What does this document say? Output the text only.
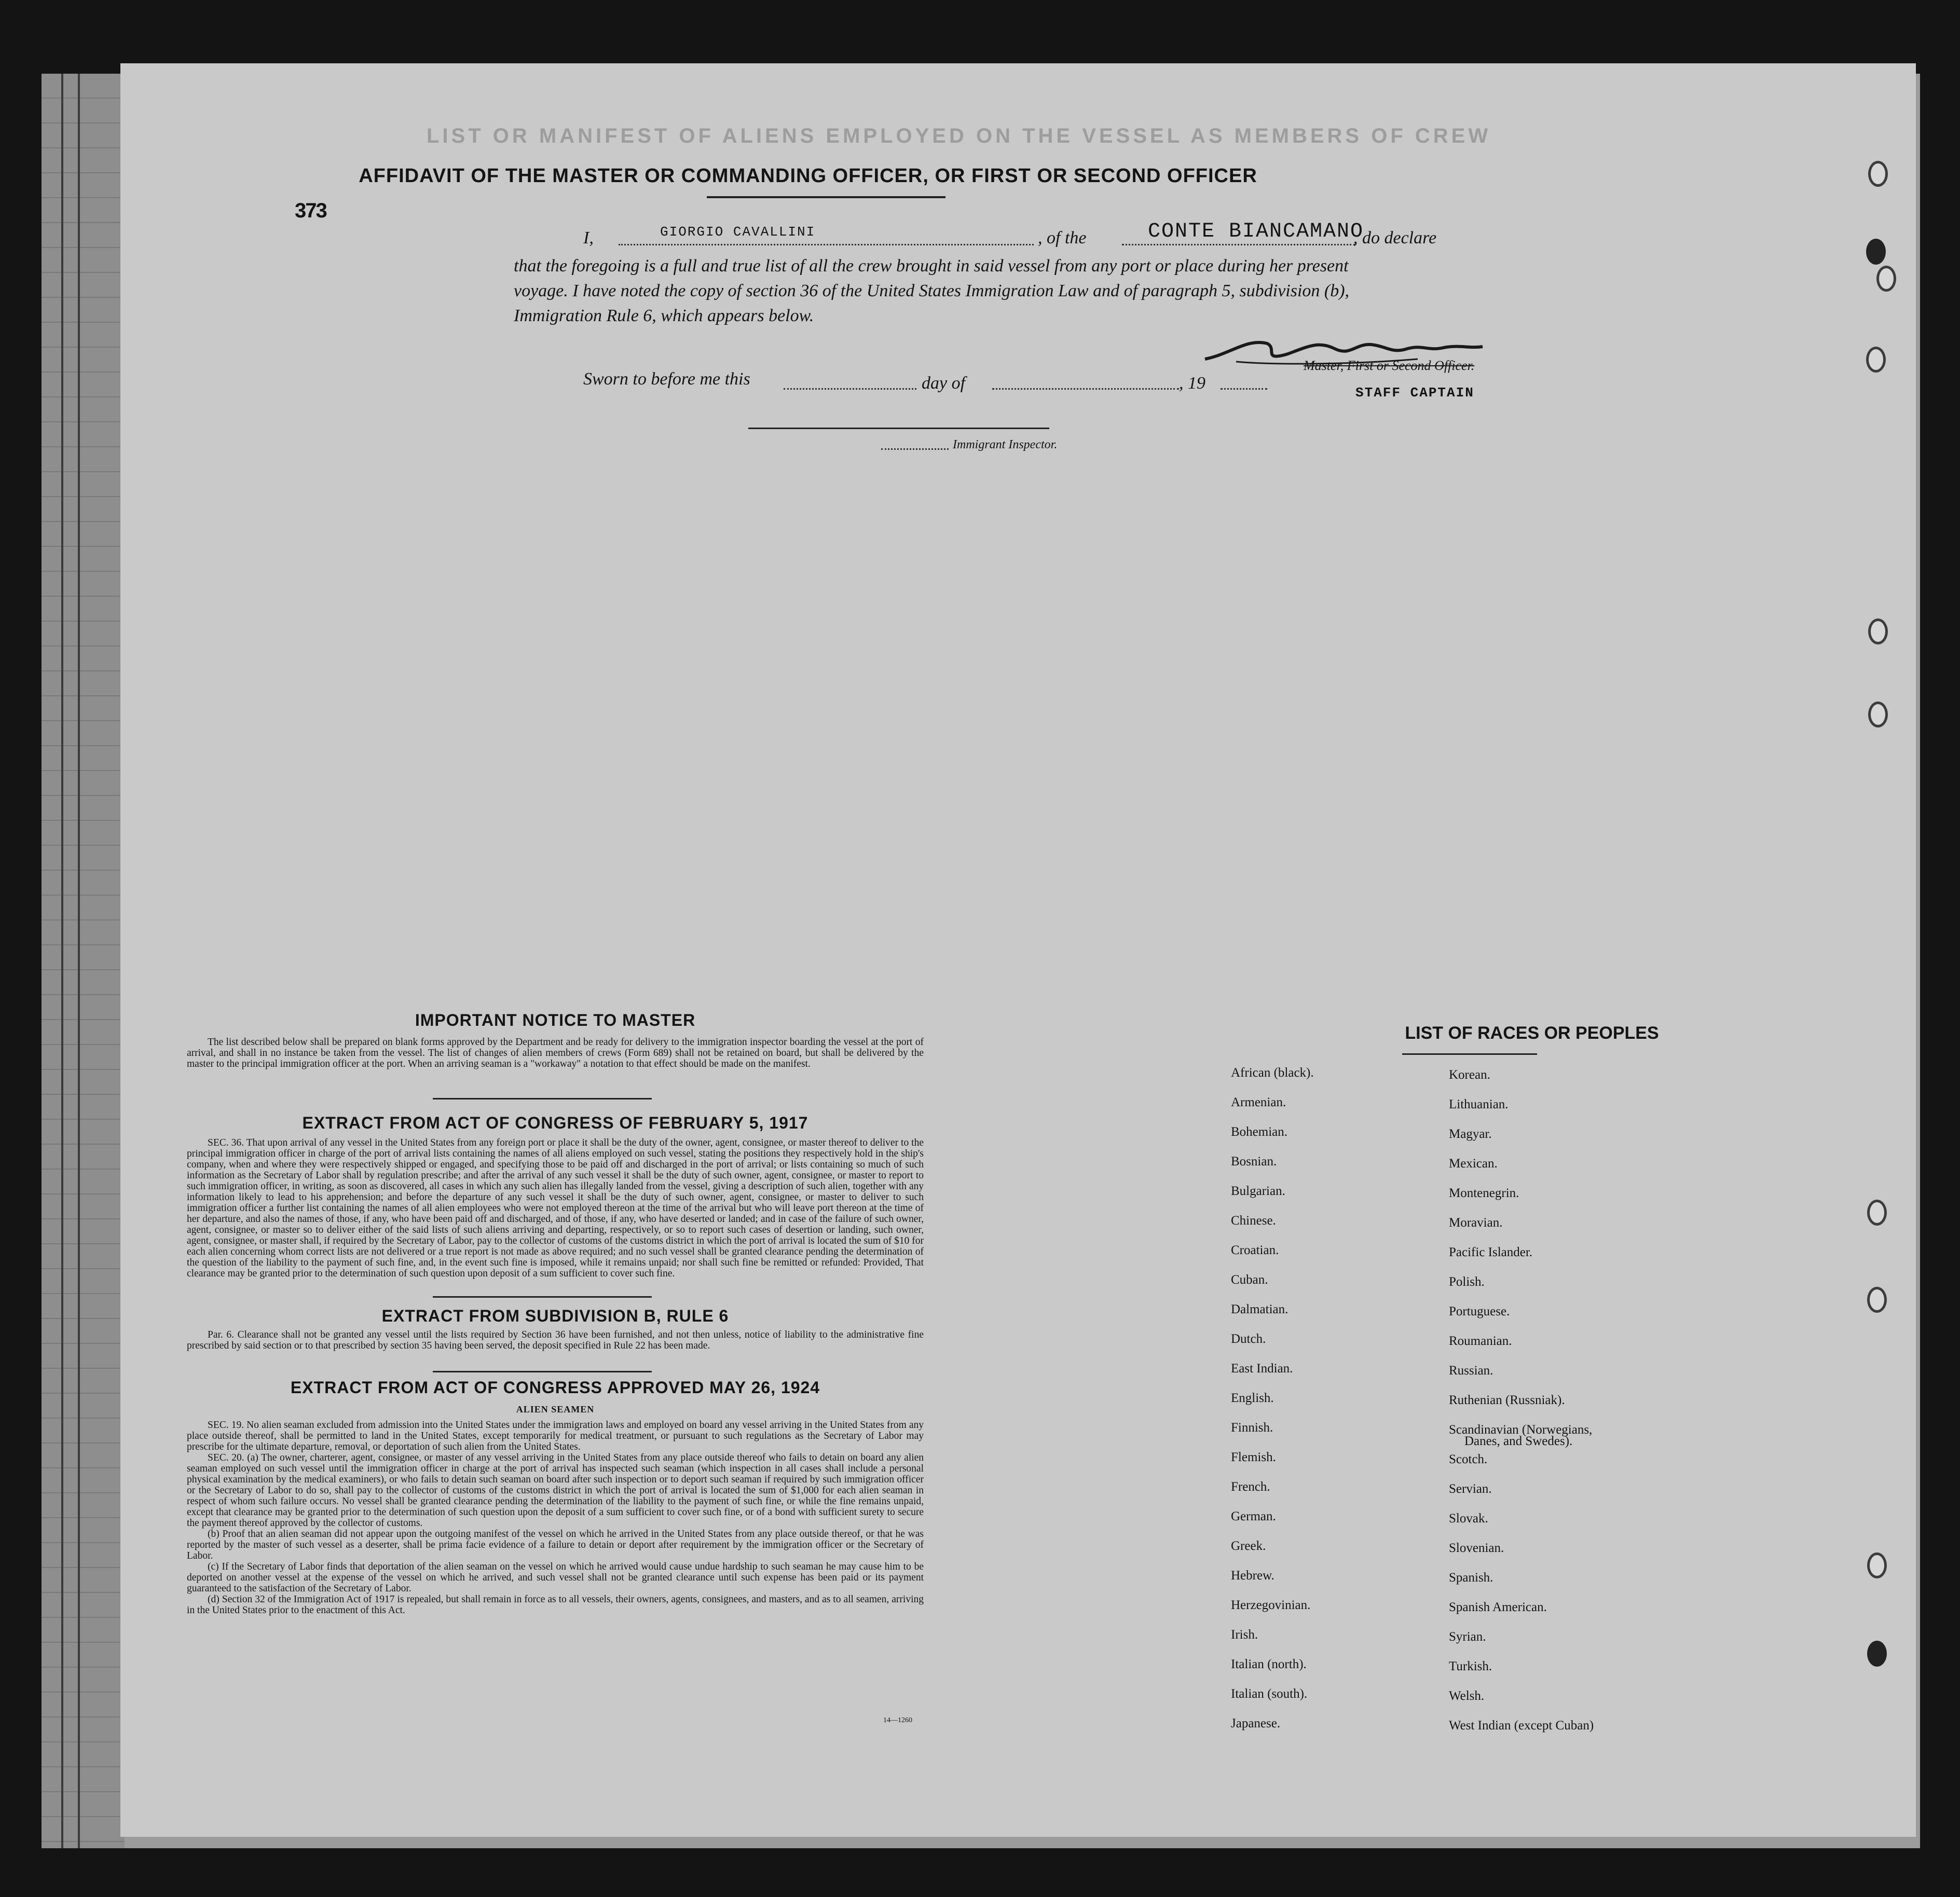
LIST OR MANIFEST OF ALIENS EMPLOYED ON THE VESSEL AS MEMBERS OF CREW
AFFIDAVIT OF THE MASTER OR COMMANDING OFFICER, OR FIRST OR SECOND OFFICER
373
I,	GIORGIO CAVALLINI	, of the	CONTE BIANCAMANO
, do declare
that the foregoing is a full and true list of all the crew brought in said vessel from any port or place during her present
voyage. I have noted the copy of section 36 of the United States Immigration Law and of paragraph 5, subdivision (b),
Immigration Rule 6, which appears below.
Master, First or Second Officer.
STAFF CAPTAIN
Sworn to before me this	day of	, 19
Immigrant Inspector.
IMPORTANT NOTICE TO MASTER

The list described below shall be prepared on blank forms approved by the Department and be ready for delivery to the immigration inspector boarding the vessel at the port of arrival, and shall in no instance be taken from the vessel. The list of changes of alien members of crews (Form 689) shall not be retained on board, but shall be delivered by the master to the principal immigration officer at the port. When an arriving seaman is a "workaway" a notation to that effect should be made on the manifest.

EXTRACT FROM ACT OF CONGRESS OF FEBRUARY 5, 1917

SEC. 36. That upon arrival of any vessel in the United States from any foreign port or place it shall be the duty of the owner, agent, consignee, or master thereof to deliver to the principal immigration officer in charge of the port of arrival lists containing the names of all aliens employed on such vessel, stating the positions they respectively hold in the ship's company, when and where they were respectively shipped or engaged, and specifying those to be paid off and discharged in the port of arrival; or lists containing so much of such information as the Secretary of Labor shall by regulation prescribe; and after the arrival of any such vessel it shall be the duty of such owner, agent, consignee, or master to report to such immigration officer, in writing, as soon as discovered, all cases in which any such alien has illegally landed from the vessel, giving a description of such alien, together with any information likely to lead to his apprehension; and before the departure of any such vessel it shall be the duty of such owner, agent, consignee, or master to deliver to such immigration officer a further list containing the names of all alien employees who were not employed thereon at the time of the arrival but who will leave port thereon at the time of her departure, and also the names of those, if any, who have been paid off and discharged, and of those, if any, who have deserted or landed; and in case of the failure of such owner, agent, consignee, or master so to deliver either of the said lists of such aliens arriving and departing, respectively, or so to report such cases of desertion or landing, such owner, agent, consignee, or master shall, if required by the Secretary of Labor, pay to the collector of customs of the customs district in which the port of arrival is located the sum of $10 for each alien concerning whom correct lists are not delivered or a true report is not made as above required; and no such vessel shall be granted clearance pending the determination of the question of the liability to the payment of such fine, and, in the event such fine is imposed, while it remains unpaid; nor shall such fine be remitted or refunded: Provided, That clearance may be granted prior to the determination of such question upon deposit of a sum sufficient to cover such fine.

EXTRACT FROM SUBDIVISION B, RULE 6

Par. 6. Clearance shall not be granted any vessel until the lists required by Section 36 have been furnished, and not then unless, notice of liability to the administrative fine prescribed by said section or to that prescribed by section 35 having been served, the deposit specified in Rule 22 has been made.

EXTRACT FROM ACT OF CONGRESS APPROVED MAY 26, 1924
ALIEN SEAMEN

SEC. 19. No alien seaman excluded from admission into the United States under the immigration laws and employed on board any vessel arriving in the United States from any place outside thereof, shall be permitted to land in the United States, except temporarily for medical treatment, or pursuant to such regulations as the Secretary of Labor may prescribe for the ultimate departure, removal, or deportation of such alien from the United States.

SEC. 20. (a) The owner, charterer, agent, consignee, or master of any vessel arriving in the United States from any place outside thereof who fails to detain on board any alien seaman employed on such vessel until the immigration officer in charge at the port of arrival has inspected such seaman (which inspection in all cases shall include a personal physical examination by the medical examiners), or who fails to detain such seaman on board after such inspection or to deport such seaman if required by such immigration officer or the Secretary of Labor to do so, shall pay to the collector of customs of the customs district in which the port of arrival is located the sum of $1,000 for each alien seaman in respect of whom such failure occurs. No vessel shall be granted clearance pending the determination of the liability to the payment of such fine, or while the fine remains unpaid, except that clearance may be granted prior to the determination of such question upon the deposit of a sum sufficient to cover such fine, or of a bond with sufficient surety to secure the payment thereof approved by the collector of customs.

(b) Proof that an alien seaman did not appear upon the outgoing manifest of the vessel on which he arrived in the United States from any place outside thereof, or that he was reported by the master of such vessel as a deserter, shall be prima facie evidence of a failure to detain or deport after requirement by the immigration officer or the Secretary of Labor.

(c) If the Secretary of Labor finds that deportation of the alien seaman on the vessel on which he arrived would cause undue hardship to such seaman he may cause him to be deported on another vessel at the expense of the vessel on which he arrived, and such vessel shall not be granted clearance until such expense has been paid or its payment guaranteed to the satisfaction of the Secretary of Labor.

(d) Section 32 of the Immigration Act of 1917 is repealed, but shall remain in force as to all vessels, their owners, agents, consignees, and masters, and as to all seamen, arriving in the United States prior to the enactment of this Act.

14—1260
LIST OF RACES OR PEOPLES
African (black).
Armenian.
Bohemian.
Bosnian.
Bulgarian.
Chinese.
Croatian.
Cuban.
Dalmatian.
Dutch.
East Indian.
English.
Finnish.
Flemish.
French.
German.
Greek.
Hebrew.
Herzegovinian.
Irish.
Italian (north).
Italian (south).
Japanese.
Korean.
Lithuanian.
Magyar.
Mexican.
Montenegrin.
Moravian.
Pacific Islander.
Polish.
Portuguese.
Roumanian.
Russian.
Ruthenian (Russniak).
Scandinavian (Norwegians,
Danes, and Swedes).
Scotch.
Servian.
Slovak.
Slovenian.
Spanish.
Spanish American.
Syrian.
Turkish.
Welsh.
West Indian (except Cuban)
